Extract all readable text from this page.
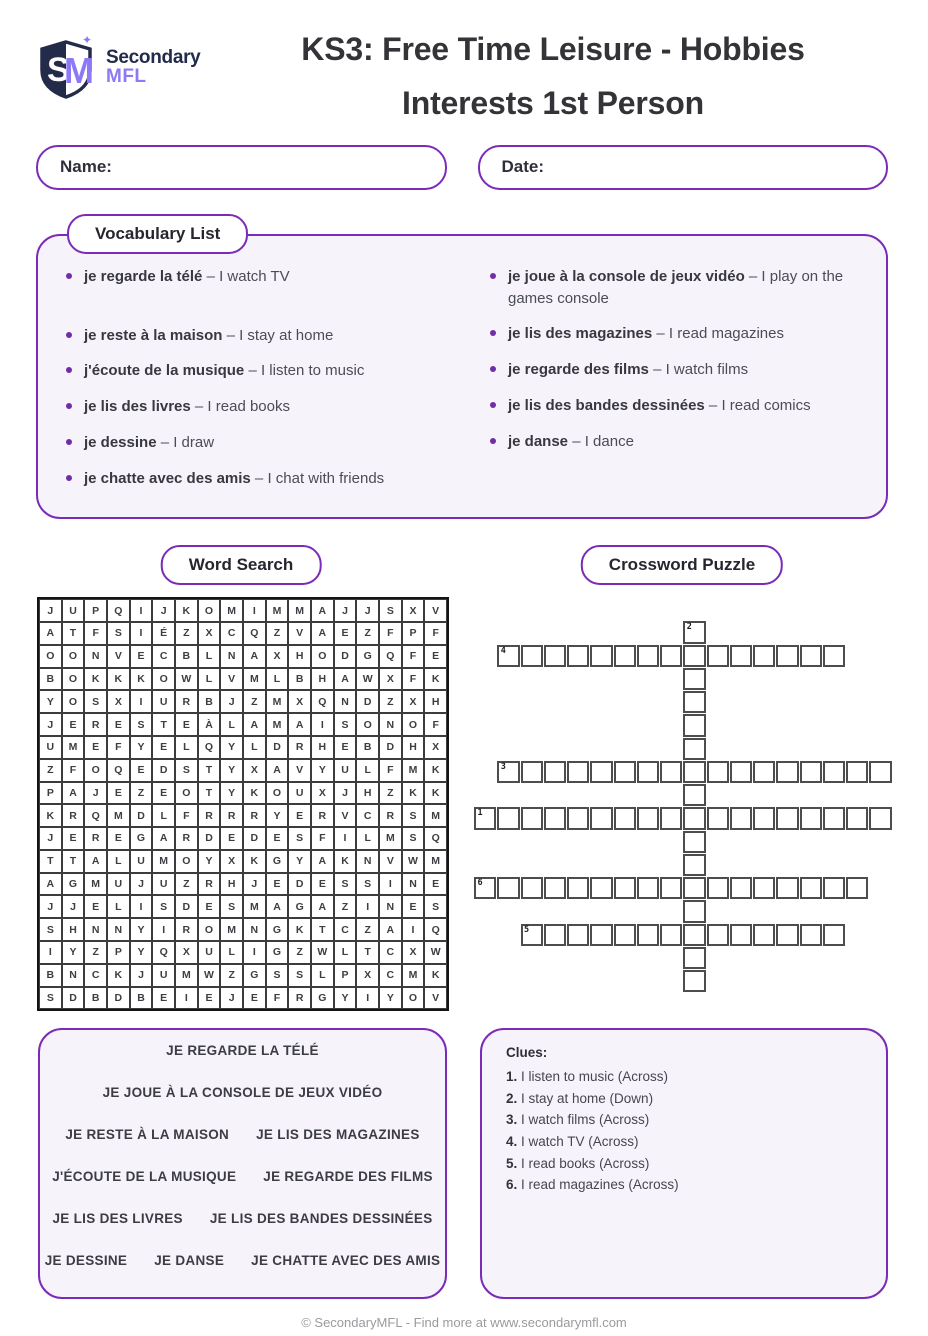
S
M
✦
Secondary
MFL
KS3: Free Time Leisure - Hobbies
Interests 1st Person
Name:	Date:
Vocabulary List
je regarde la télé – I watch TV
je reste à la maison – I stay at home
j'écoute de la musique – I listen to music
je lis des livres – I read books
je dessine – I draw
je chatte avec des amis – I chat with friends
je joue à la console de jeux vidéo – I play on the games console
je lis des magazines – I read magazines
je regarde des films – I watch films
je lis des bandes dessinées – I read comics
je danse – I dance
Word Search	Crossword Puzzle
J	U	P	Q	I	J	K	O	M	I	M	M	A	J	J	S	X	V
A	T	F	S	I	É	Z	X	C	Q	Z	V	A	E	Z	F	P	F
O	O	N	V	E	C	B	L	N	A	X	H	O	D	G	Q	F	E
B	O	K	K	K	O	W	L	V	M	L	B	H	A	W	X	F	K
Y	O	S	X	I	U	R	B	J	Z	M	X	Q	N	D	Z	X	H
J	E	R	E	S	T	E	À	L	A	M	A	I	S	O	N	O	F
U	M	E	F	Y	E	L	Q	Y	L	D	R	H	E	B	D	H	X
Z	F	O	Q	E	D	S	T	Y	X	A	V	Y	U	L	F	M	K
P	A	J	E	Z	E	O	T	Y	K	O	U	X	J	H	Z	K	K
K	R	Q	M	D	L	F	R	R	R	Y	E	R	V	C	R	S	M
J	E	R	E	G	A	R	D	E	D	E	S	F	I	L	M	S	Q
T	T	A	L	U	M	O	Y	X	K	G	Y	A	K	N	V	W	M
A	G	M	U	J	U	Z	R	H	J	E	D	E	S	S	I	N	E
J	J	E	L	I	S	D	E	S	M	A	G	A	Z	I	N	E	S
S	H	N	N	Y	I	R	O	M	N	G	K	T	C	Z	A	I	Q
I	Y	Z	P	Y	Q	X	U	L	I	G	Z	W	L	T	C	X	W
B	N	C	K	J	U	M	W	Z	G	S	S	L	P	X	C	M	K
S	D	B	D	B	E	I	E	J	E	F	R	G	Y	I	Y	O	V
2
4
3
1
6
5
JE REGARDE LA TÉLÉ
JE JOUE À LA CONSOLE DE JEUX VIDÉO
JE RESTE À LA MAISON JE LIS DES MAGAZINES
J'ÉCOUTE DE LA MUSIQUE JE REGARDE DES FILMS
JE LIS DES LIVRES JE LIS DES BANDES DESSINÉES
JE DESSINE JE DANSE JE CHATTE AVEC DES AMIS
Clues:
1. I listen to music (Across)
2. I stay at home (Down)
3. I watch films (Across)
4. I watch TV (Across)
5. I read books (Across)
6. I read magazines (Across)
© SecondaryMFL - Find more at www.secondarymfl.com
